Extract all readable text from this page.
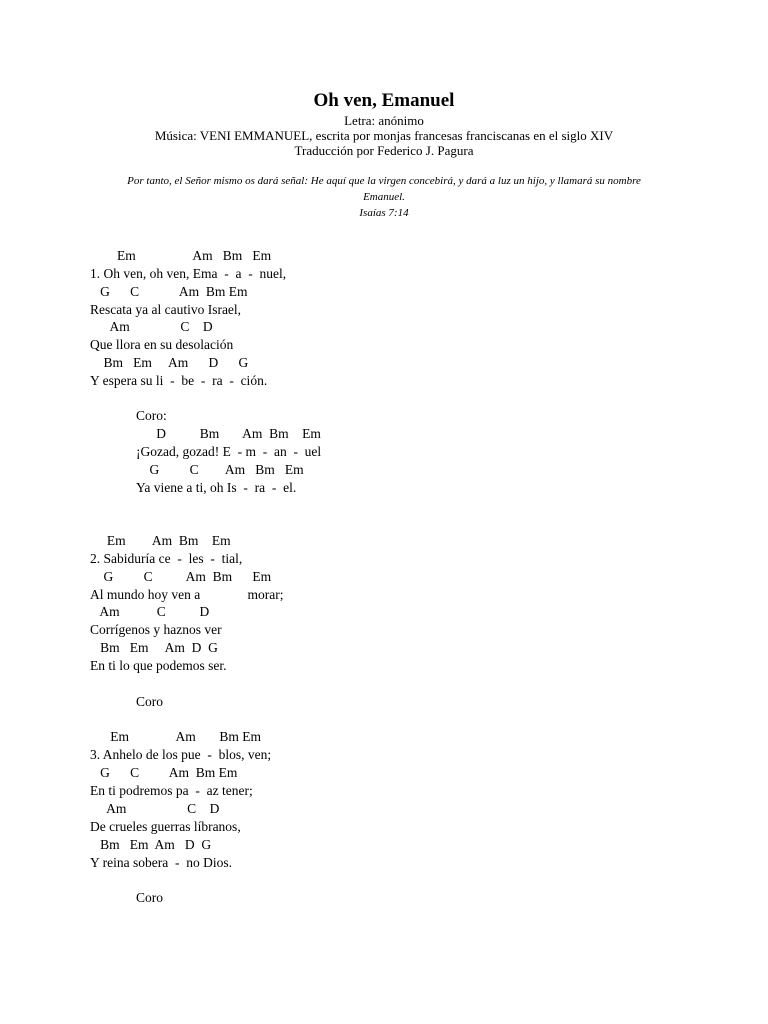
Oh ven, Emanuel
Letra: anónimo
Música: VENI EMMANUEL, escrita por monjas francesas franciscanas en el siglo XIV
Traducción por Federico J. Pagura
Por tanto, el Señor mismo os dará señal: He aquí que la virgen concebirá, y dará a luz un hijo, y llamará su nombre
Emanuel.
Isaías 7:14
Em                 Am   Bm   Em
1. Oh ven, oh ven, Ema  -  a  -  nuel,
G      C            Am  Bm Em
Rescata ya al cautivo Israel,
Am               C    D
Que llora en su desolación
Bm   Em     Am      D      G
Y espera su li  -  be  -  ra  -  ción.
Coro:
D          Bm       Am  Bm    Em
¡Gozad, gozad! E  - m  -  an  -  uel
G         C        Am   Bm   Em
Ya viene a ti, oh Is  -  ra  -  el.
Em        Am  Bm    Em
2. Sabiduría ce  -  les  -  tial,
G         C          Am  Bm      Em
Al mundo hoy ven a              morar;
Am           C          D
Corrígenos y haznos ver
Bm   Em     Am  D  G
En ti lo que podemos ser.
Coro
Em              Am       Bm Em
3. Anhelo de los pue  -  blos, ven;
G      C         Am  Bm Em
En ti podremos pa  -  az tener;
Am                  C    D
De crueles guerras líbranos,
Bm   Em  Am   D  G
Y reina sobera  -  no Dios.
Coro
